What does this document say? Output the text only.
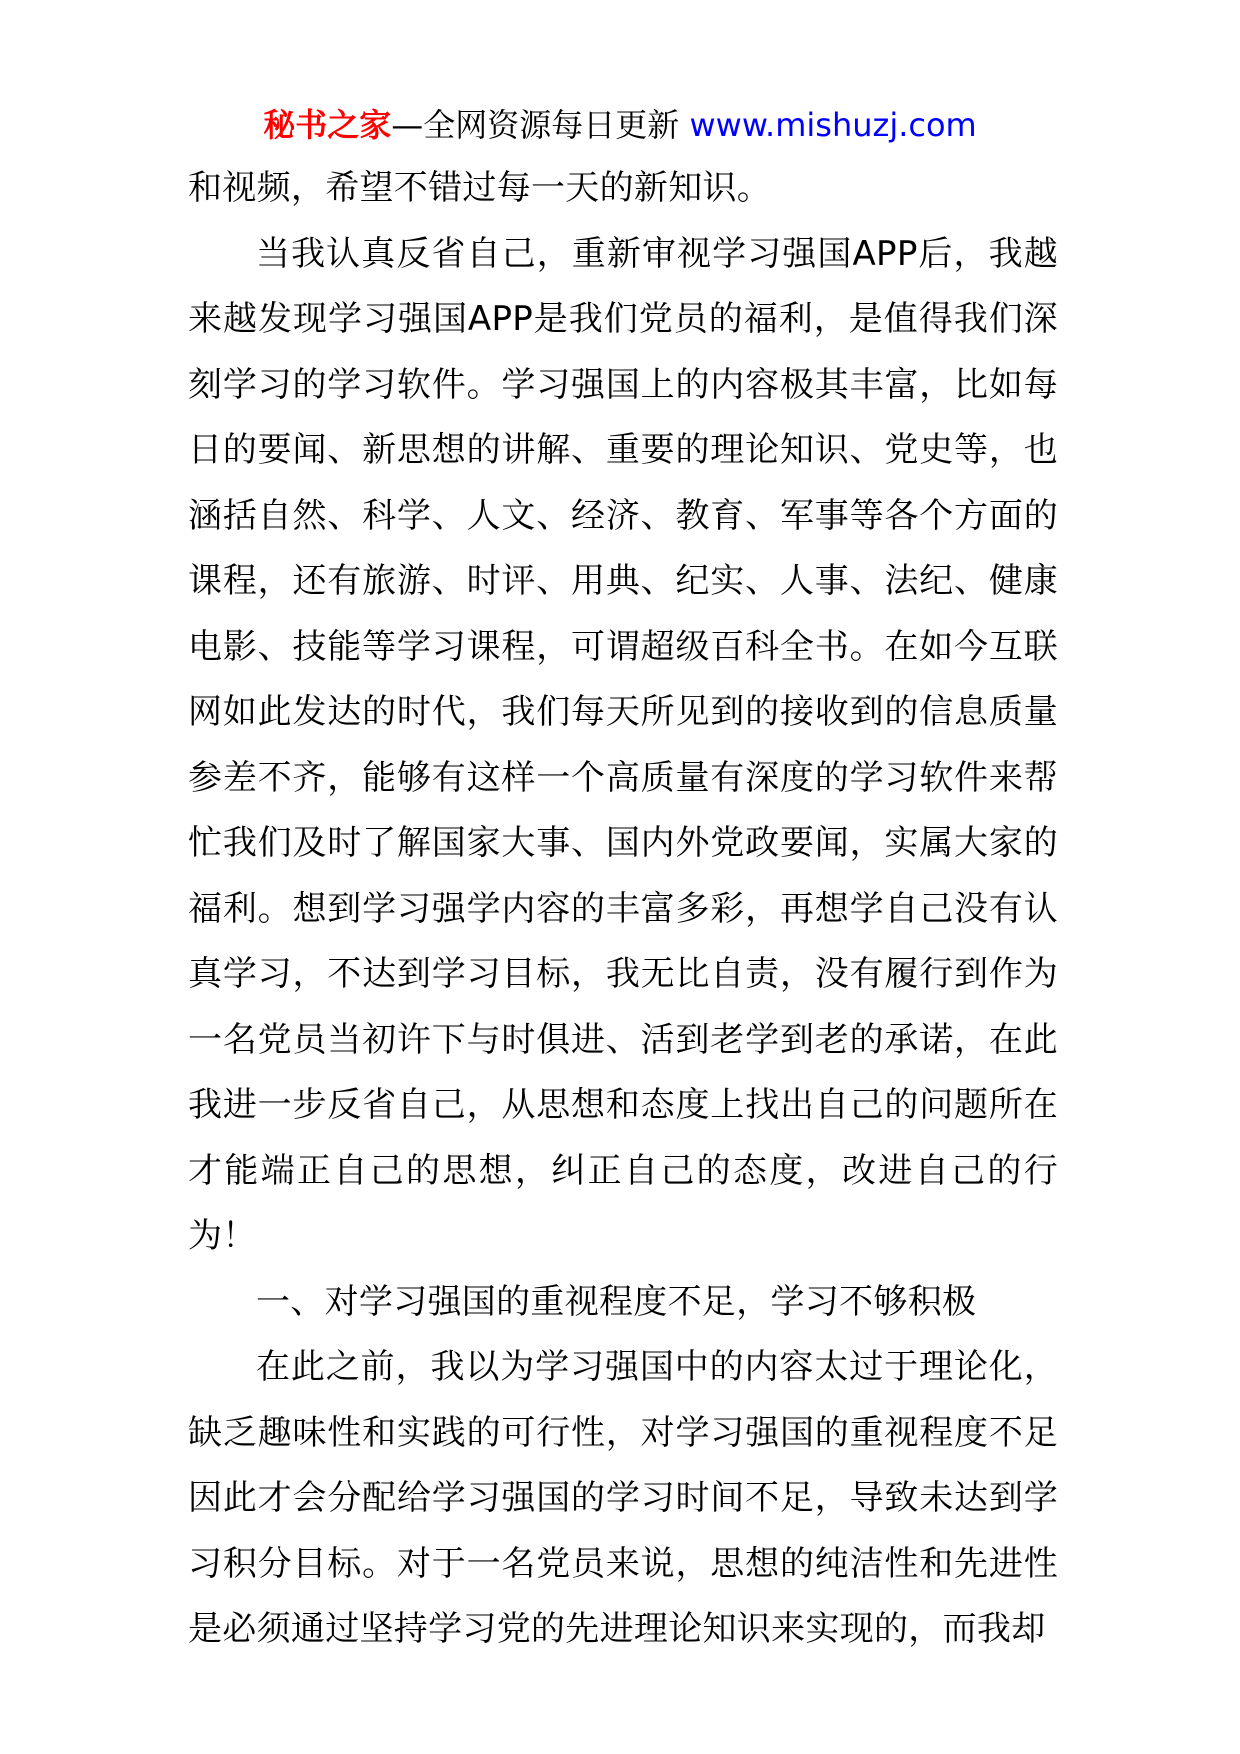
秘书之家—全网资源每日更新 www.mishuzj.com

和视频，希望不错过每一天的新知识。

当我认真反省自己，重新审视学习强国APP后，我越来越发现学习强国APP是我们党员的福利，是值得我们深刻学习的学习软件。学习强国上的内容极其丰富，比如每日的要闻、新思想的讲解、重要的理论知识、党史等，也涵括自然、科学、人文、经济、教育、军事等各个方面的课程，还有旅游、时评、用典、纪实、人事、法纪、健康电影、技能等学习课程，可谓超级百科全书。在如今互联网如此发达的时代，我们每天所见到的接收到的信息质量参差不齐，能够有这样一个高质量有深度的学习软件来帮忙我们及时了解国家大事、国内外党政要闻，实属大家的福利。想到学习强学内容的丰富多彩，再想学自己没有认真学习，不达到学习目标，我无比自责，没有履行到作为一名党员当初许下与时俱进、活到老学到老的承诺，在此我进一步反省自己，从思想和态度上找出自己的问题所在才能端正自己的思想，纠正自己的态度，改进自己的行为！

一、对学习强国的重视程度不足，学习不够积极

在此之前，我以为学习强国中的内容太过于理论化，缺乏趣味性和实践的可行性，对学习强国的重视程度不足因此才会分配给学习强国的学习时间不足，导致未达到学习积分目标。对于一名党员来说，思想的纯洁性和先进性是必须通过坚持学习党的先进理论知识来实现的，而我却
